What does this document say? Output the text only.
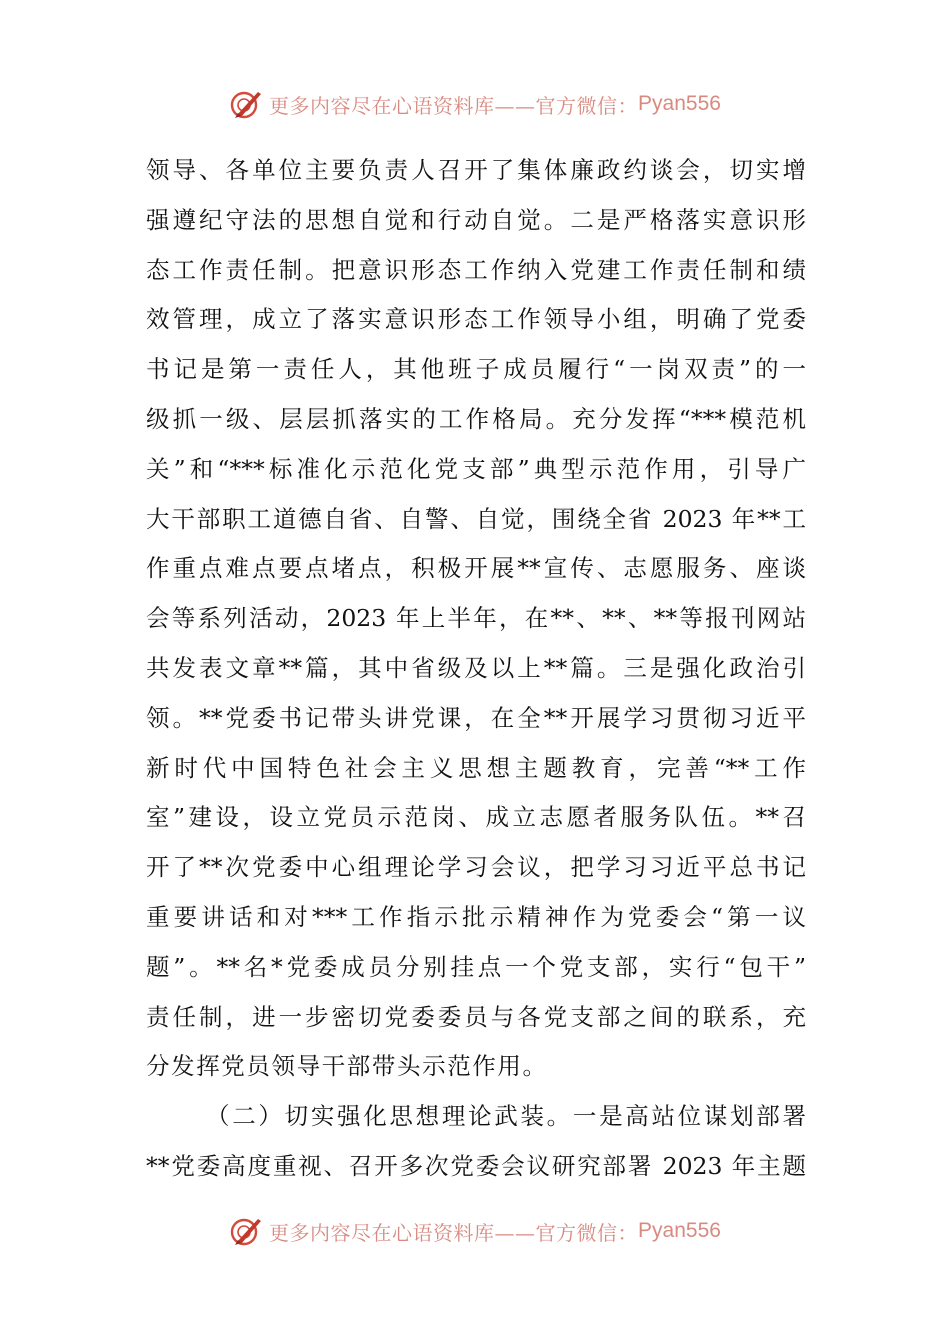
更多内容尽在心语资料库——官方微信： Pyan556
领导、各单位主要负责人召开了集体廉政约谈会，切实增
强遵纪守法的思想自觉和行动自觉。二是严格落实意识形
态工作责任制。把意识形态工作纳入党建工作责任制和绩
效管理，成立了落实意识形态工作领导小组，明确了党委
书记是第一责任人，其他班子成员履行“一岗双责”的一
级抓一级、层层抓落实的工作格局。充分发挥“***模范机
关”和“***标准化示范化党支部”典型示范作用，引导广
大干部职工道德自省、自警、自觉，围绕全省 2023 年**工
作重点难点要点堵点，积极开展**宣传、志愿服务、座谈
会等系列活动，2023 年上半年，在**、**、**等报刊网站
共发表文章**篇，其中省级及以上**篇。三是强化政治引
领。**党委书记带头讲党课，在全**开展学习贯彻习近平
新时代中国特色社会主义思想主题教育，完善“**工作
室”建设，设立党员示范岗、成立志愿者服务队伍。**召
开了**次党委中心组理论学习会议，把学习习近平总书记
重要讲话和对***工作指示批示精神作为党委会“第一议
题”。**名*党委成员分别挂点一个党支部，实行“包干”
责任制，进一步密切党委委员与各党支部之间的联系，充
分发挥党员领导干部带头示范作用。
（二）切实强化思想理论武装。一是高站位谋划部署
**党委高度重视、召开多次党委会议研究部署 2023 年主题
更多内容尽在心语资料库——官方微信： Pyan556
